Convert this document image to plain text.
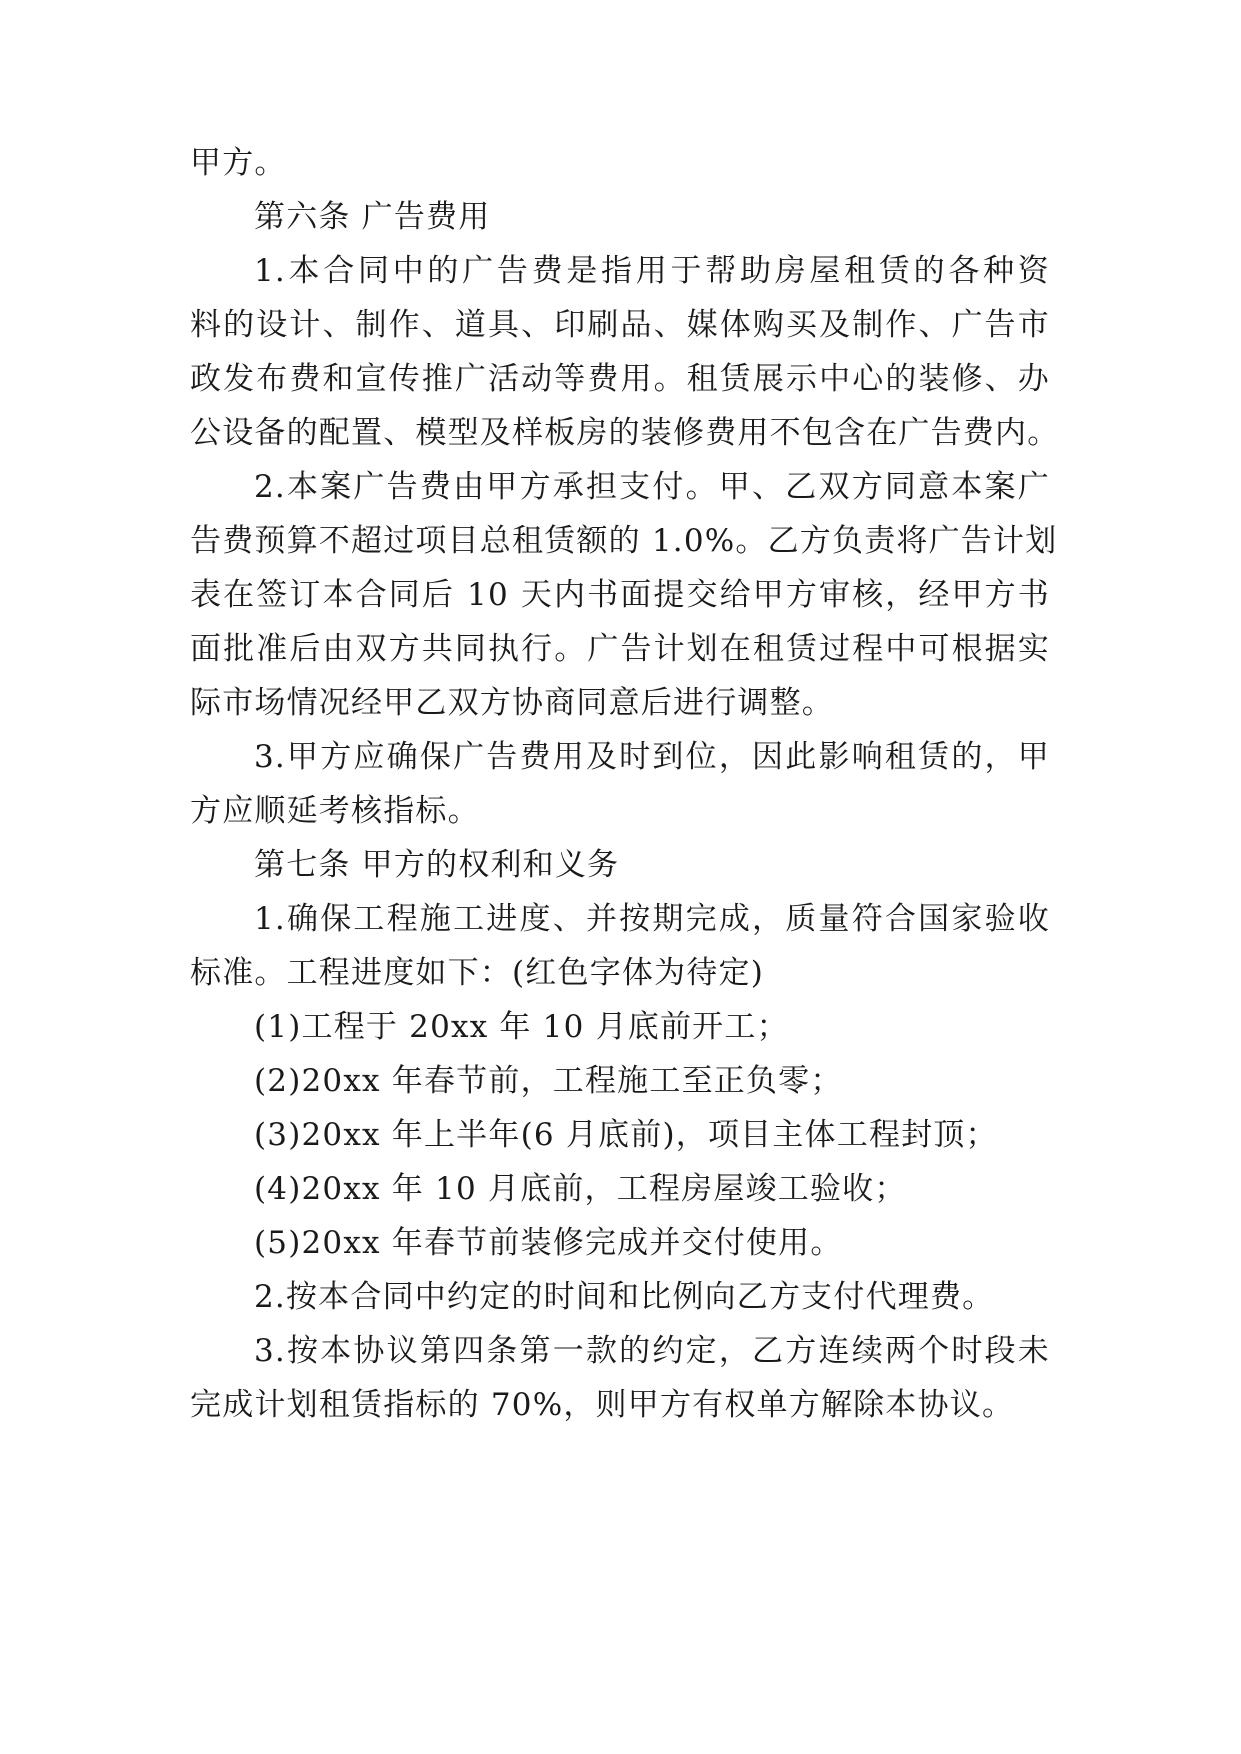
甲方。
第六条 广告费用
1.本合同中的广告费是指用于帮助房屋租赁的各种资
料的设计、制作、道具、印刷品、媒体购买及制作、广告市
政发布费和宣传推广活动等费用。租赁展示中心的装修、办
公设备的配置、模型及样板房的装修费用不包含在广告费内。
2.本案广告费由甲方承担支付。甲、乙双方同意本案广
告费预算不超过项目总租赁额的 1.0%。乙方负责将广告计划
表在签订本合同后 10 天内书面提交给甲方审核，经甲方书
面批准后由双方共同执行。广告计划在租赁过程中可根据实
际市场情况经甲乙双方协商同意后进行调整。
3.甲方应确保广告费用及时到位，因此影响租赁的，甲
方应顺延考核指标。
第七条 甲方的权利和义务
1.确保工程施工进度、并按期完成，质量符合国家验收
标准。工程进度如下：(红色字体为待定)
(1)工程于 20xx 年 10 月底前开工；
(2)20xx 年春节前，工程施工至正负零；
(3)20xx 年上半年(6 月底前)，项目主体工程封顶；
(4)20xx 年 10 月底前，工程房屋竣工验收；
(5)20xx 年春节前装修完成并交付使用。
2.按本合同中约定的时间和比例向乙方支付代理费。
3.按本协议第四条第一款的约定，乙方连续两个时段未
完成计划租赁指标的 70%，则甲方有权单方解除本协议。
